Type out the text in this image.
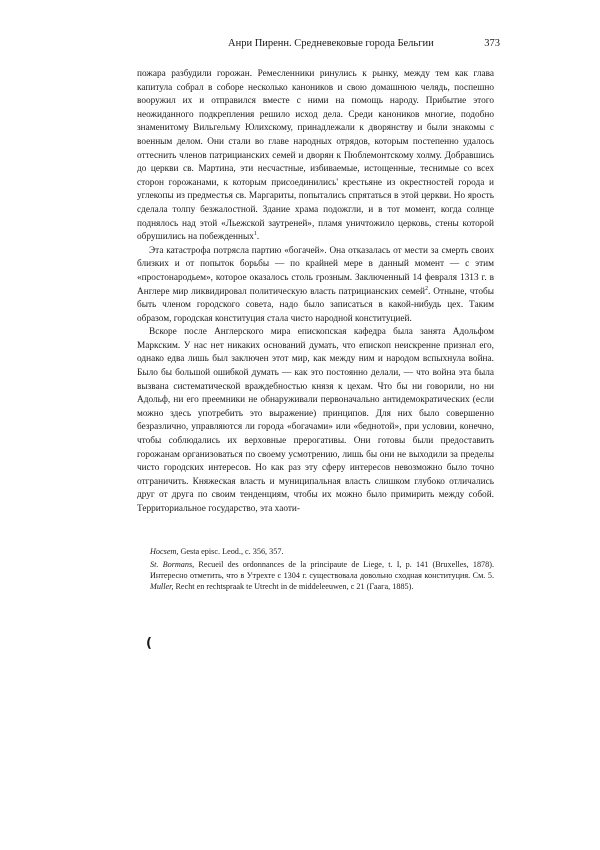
Анри Пиренн. Средневековые города Бельгии	373

пожара разбудили горожан. Ремесленники ринулись к рынку, между тем как глава капитула собрал в соборе несколько каноников и свою домашнюю челядь, поспешно вооружил их и отправился вместе с ними на помощь народу. Прибытие этого неожиданного подкрепления решило исход дела. Среди каноников многие, подобно знаменитому Вильгельму Юлихскому, принадлежали к дворянству и были знакомы с военным делом. Они стали во главе народных отрядов, которым постепенно удалось оттеснить членов патрицианских семей и дворян к Пюблемонтскому холму. Добравшись до церкви св. Мартина, эти несчастные, избиваемые, истощенные, теснимые со всех сторон горожанами, к которым присоединились' крестьяне из окрестностей города и углекопы из предместья св. Маргариты, попытались спрятаться в этой церкви. Но ярость сделала толпу безжалостной. Здание храма подожгли, и в тот момент, когда солнце поднялось над этой «Льежской заутреней», пламя уничтожило церковь, стены которой обрушились на побежденных$^1$.

Эта катастрофа потрясла партию «богачей». Она отказалась от мести за смерть своих близких и от попыток борьбы — по крайней мере в данный момент — с этим «простонародьем», которое оказалось столь грозным. Заключенный 14 февраля 1313 г. в Англере мир ликвидировал политическую власть патрицианских семей$^2$. Отныне, чтобы быть членом городского совета, надо было записаться в какой-нибудь цех. Таким образом, городская конституция стала чисто народной конституцией.

Вскоре после Англерского мира епископская кафедра была занята Адольфом Маркским. У нас нет никаких оснований думать, что епископ неискренне признал его, однако едва лишь был заключен этот мир, как между ним и народом вспыхнула война. Было бы большой ошибкой думать — как это постоянно делали, — что война эта была вызвана систематической враждебностью князя к цехам. Что бы ни говорили, но ни Адольф, ни его преемники не обнаруживали первоначально антидемократических (если можно здесь употребить это выражение) принципов. Для них было совершенно безразлично, управляются ли города «богачами» или «беднотой», при условии, конечно, чтобы соблюдались их верховные прерогативы. Они готовы были предоставить горожанам организоваться по своему усмотрению, лишь бы они не выходили за пределы чисто городских интересов. Но как раз эту сферу интересов невозможно было точно отграничить. Княжеская власть и муниципальная власть слишком глубоко отличались друг от друга по своим тенденциям, чтобы их можно было примирить между собой. Территориальное государство, эта хаоти-

Hocsem, Gesta episc. Leod., с. 356, 357.

St. Bormans, Recueil des ordonnances de la principaute de Liege, t. I, p. 141 (Bruxelles, 1878). Интересно отметить, что в Утрехте с 1304 г. существовала довольно сходная конституция. См. 5. Muller, Recht en rechtspraak te Utrecht in de middeleeuwen, с 21 (Гаага, 1885).

(
